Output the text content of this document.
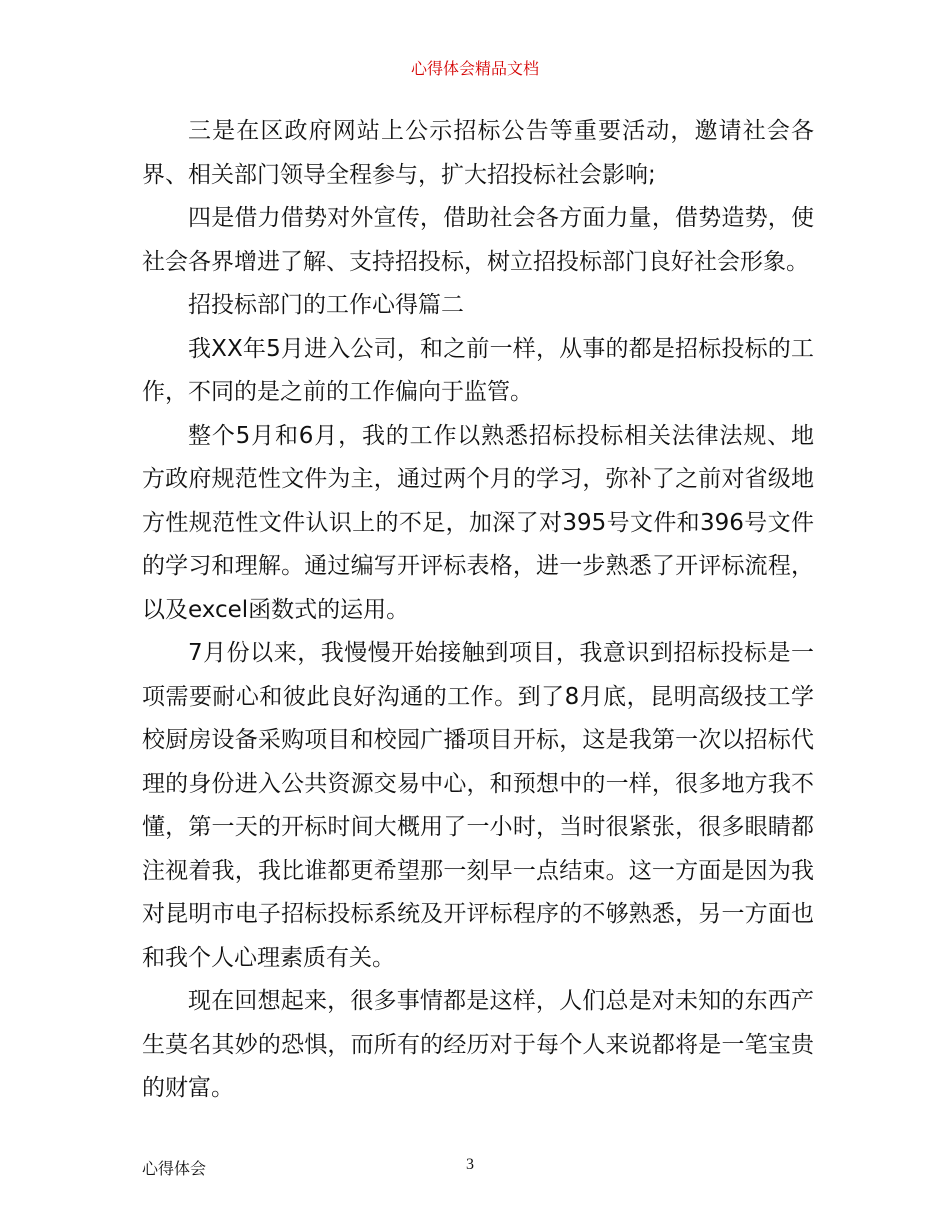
心得体会精品文档

三是在区政府网站上公示招标公告等重要活动，邀请社会各界、相关部门领导全程参与，扩大招投标社会影响;

四是借力借势对外宣传，借助社会各方面力量，借势造势，使社会各界增进了解、支持招投标，树立招投标部门良好社会形象。

招投标部门的工作心得篇二

我XX年5月进入公司，和之前一样，从事的都是招标投标的工作，不同的是之前的工作偏向于监管。

整个5月和6月，我的工作以熟悉招标投标相关法律法规、地方政府规范性文件为主，通过两个月的学习，弥补了之前对省级地方性规范性文件认识上的不足，加深了对395号文件和396号文件的学习和理解。通过编写开评标表格，进一步熟悉了开评标流程，以及excel函数式的运用。

7月份以来，我慢慢开始接触到项目，我意识到招标投标是一项需要耐心和彼此良好沟通的工作。到了8月底，昆明高级技工学校厨房设备采购项目和校园广播项目开标，这是我第一次以招标代理的身份进入公共资源交易中心，和预想中的一样，很多地方我不懂，第一天的开标时间大概用了一小时，当时很紧张，很多眼睛都注视着我，我比谁都更希望那一刻早一点结束。这一方面是因为我对昆明市电子招标投标系统及开评标程序的不够熟悉，另一方面也和我个人心理素质有关。

现在回想起来，很多事情都是这样，人们总是对未知的东西产生莫名其妙的恐惧，而所有的经历对于每个人来说都将是一笔宝贵的财富。

心得体会	3
